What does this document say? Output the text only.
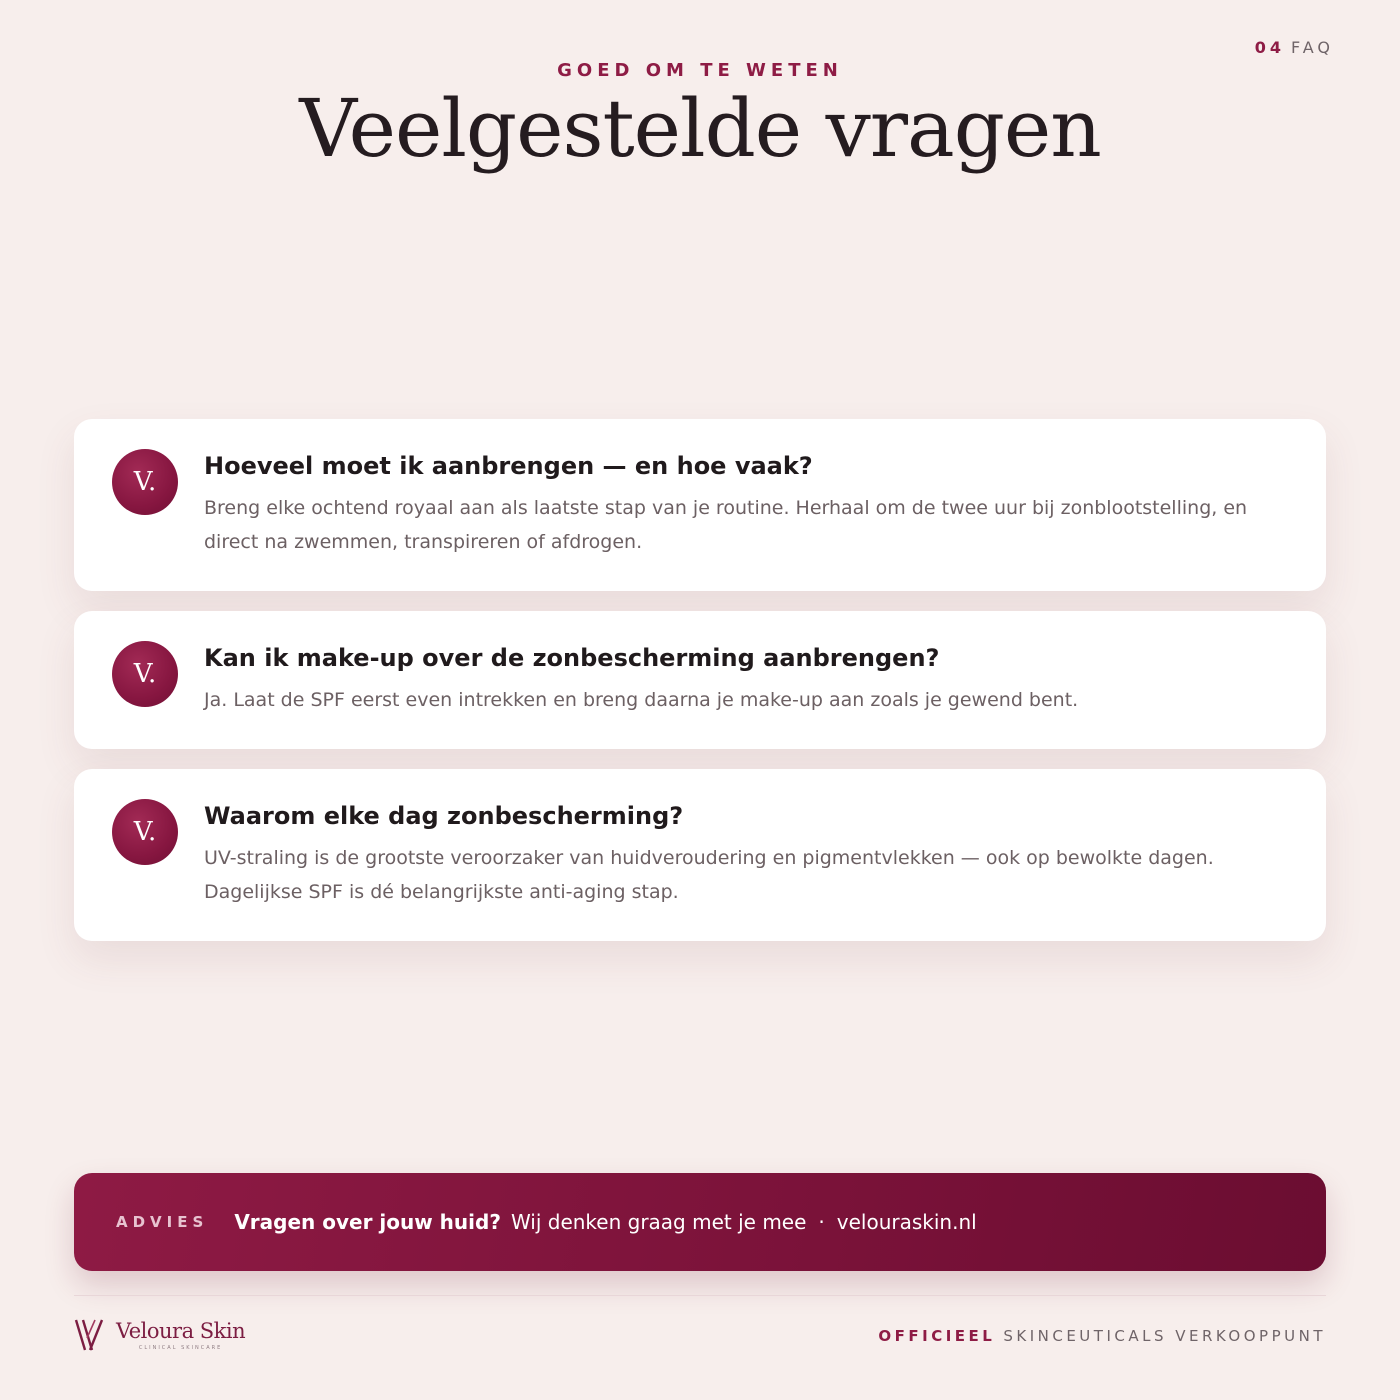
04 FAQ
GOED OM TE WETEN
Veelgestelde vragen
V.
Hoeveel moet ik aanbrengen — en hoe vaak?
Breng elke ochtend royaal aan als laatste stap van je routine. Herhaal om de twee uur bij zonblootstelling, en direct na zwemmen, transpireren of afdrogen.
V.
Kan ik make-up over de zonbescherming aanbrengen?
Ja. Laat de SPF eerst even intrekken en breng daarna je make-up aan zoals je gewend bent.
V.
Waarom elke dag zonbescherming?
UV-straling is de grootste veroorzaker van huidveroudering en pigmentvlekken — ook op bewolkte dagen. Dagelijkse SPF is dé belangrijkste anti-aging stap.
ADVIES Vragen over jouw huid? Wij denken graag met je mee · velouraskin.nl
Veloura Skin
CLINICAL SKINCARE
OFFICIEEL SKINCEUTICALS VERKOOPPUNT
